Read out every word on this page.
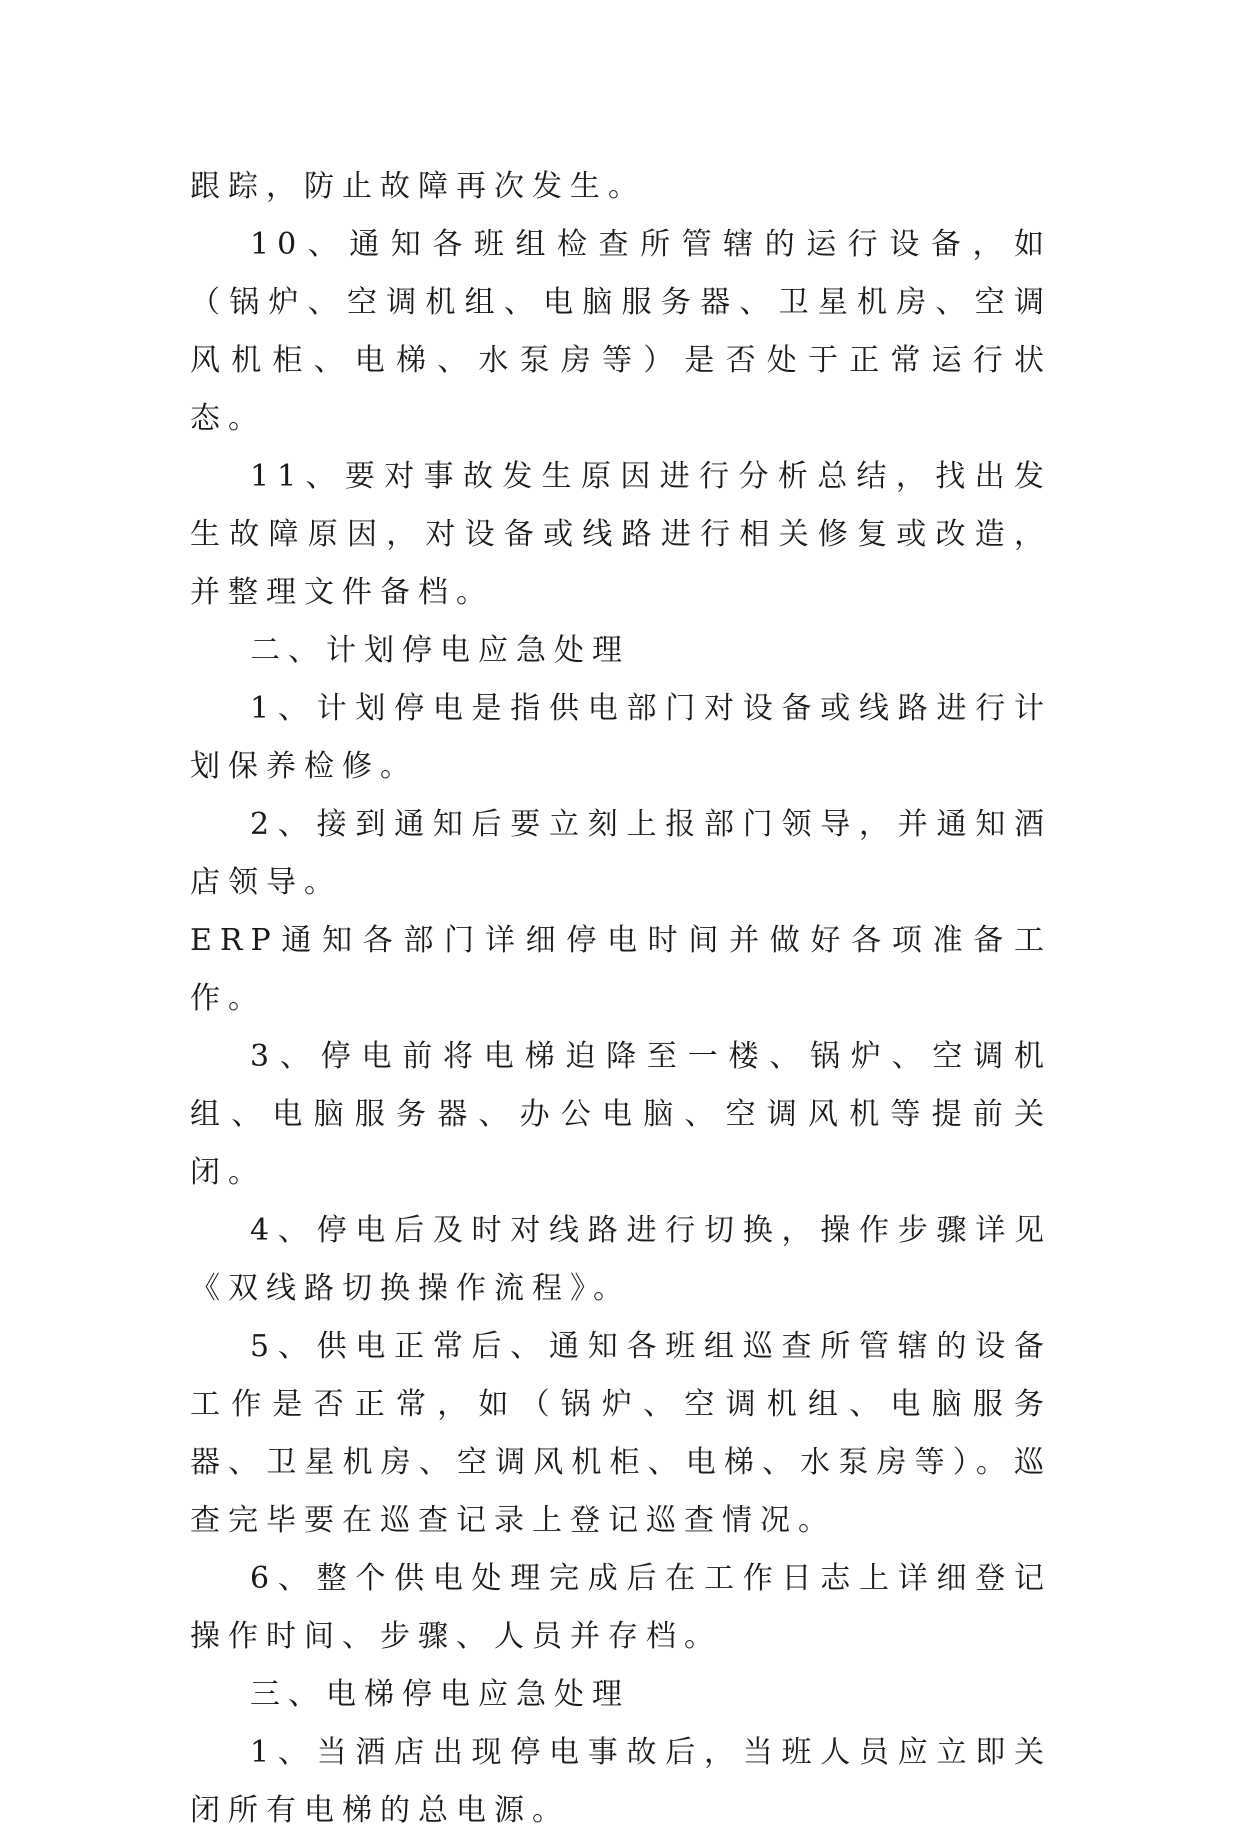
跟踪，防止故障再次发生。

10、通知各班组检查所管辖的运行设备，如（锅炉、空调机组、电脑服务器、卫星机房、空调风机柜、电梯、水泵房等）是否处于正常运行状态。

11、要对事故发生原因进行分析总结，找出发生故障原因，对设备或线路进行相关修复或改造，并整理文件备档。

二、计划停电应急处理

1、计划停电是指供电部门对设备或线路进行计划保养检修。

2、接到通知后要立刻上报部门领导，并通知酒店领导。

ERP通知各部门详细停电时间并做好各项准备工作。

3、停电前将电梯迫降至一楼、锅炉、空调机组、电脑服务器、办公电脑、空调风机等提前关闭。

4、停电后及时对线路进行切换，操作步骤详见《双线路切换操作流程》。

5、供电正常后、通知各班组巡查所管辖的设备工作是否正常，如（锅炉、空调机组、电脑服务器、卫星机房、空调风机柜、电梯、水泵房等）。巡查完毕要在巡查记录上登记巡查情况。

6、整个供电处理完成后在工作日志上详细登记操作时间、步骤、人员并存档。

三、电梯停电应急处理

1、当酒店出现停电事故后，当班人员应立即关闭所有电梯的总电源。
